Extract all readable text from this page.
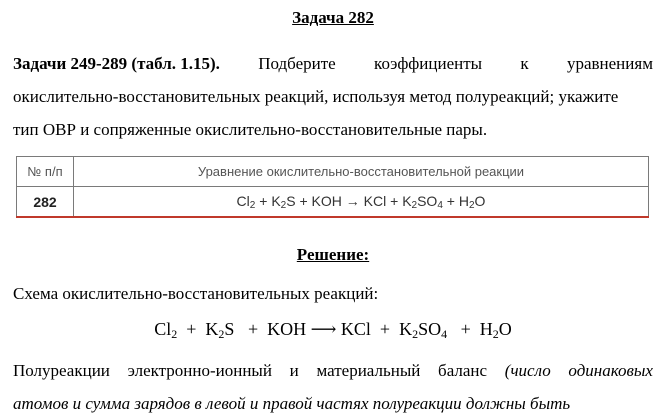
Задача 282
Задачи 249-289 (табл. 1.15). Подберите коэффициенты к уравнениям
окислительно-восстановительных реакций, используя метод полуреакций; укажите
тип ОВР и сопряженные окислительно-восстановительные пары.
№ п/п	Уравнение окислительно-восстановительной реакции
282	$Cl_2 + K_2S$ + KOH → KCl + $K_2SO_4 + H_2O$
Решение:
Схема окислительно-восстановительных реакций:
$Cl_2 + K_2S$ + KOH ⟶ KCl + $K_2SO_4 + H_2O$
Полуреакции электронно-ионный и материальный баланс (число одинаковых
атомов и сумма зарядов в левой и правой частях полуреакции должны быть
